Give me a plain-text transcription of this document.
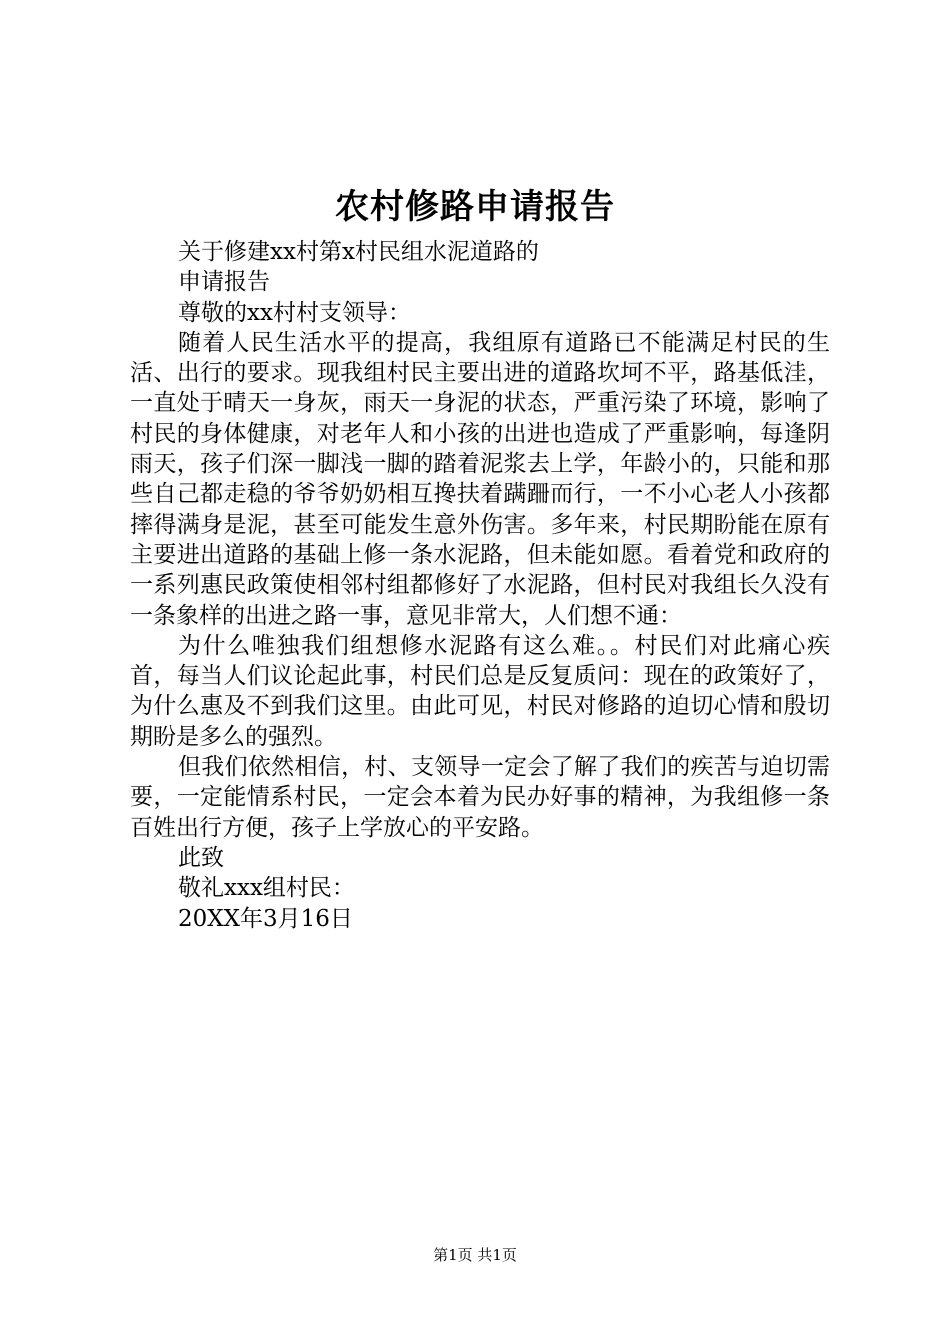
农村修路申请报告

关于修建xx村第x村民组水泥道路的

申请报告

尊敬的xx村村支领导：

随着人民生活水平的提高，我组原有道路已不能满足村民的生活、出行的要求。现我组村民主要出进的道路坎坷不平，路基低洼，一直处于晴天一身灰，雨天一身泥的状态，严重污染了环境，影响了村民的身体健康，对老年人和小孩的出进也造成了严重影响，每逢阴雨天，孩子们深一脚浅一脚的踏着泥浆去上学，年龄小的，只能和那些自己都走稳的爷爷奶奶相互搀扶着蹒跚而行，一不小心老人小孩都摔得满身是泥，甚至可能发生意外伤害。多年来，村民期盼能在原有主要进出道路的基础上修一条水泥路，但未能如愿。看着党和政府的一系列惠民政策使相邻村组都修好了水泥路，但村民对我组长久没有一条象样的出进之路一事，意见非常大，人们想不通：

为什么唯独我们组想修水泥路有这么难。。村民们对此痛心疾首，每当人们议论起此事，村民们总是反复质问：现在的政策好了，为什么惠及不到我们这里。由此可见，村民对修路的迫切心情和殷切期盼是多么的强烈。

但我们依然相信，村、支领导一定会了解了我们的疾苦与迫切需要，一定能情系村民，一定会本着为民办好事的精神，为我组修一条百姓出行方便，孩子上学放心的平安路。

此致

敬礼xxx组村民：

20XX年3月16日

第1页 共1页
